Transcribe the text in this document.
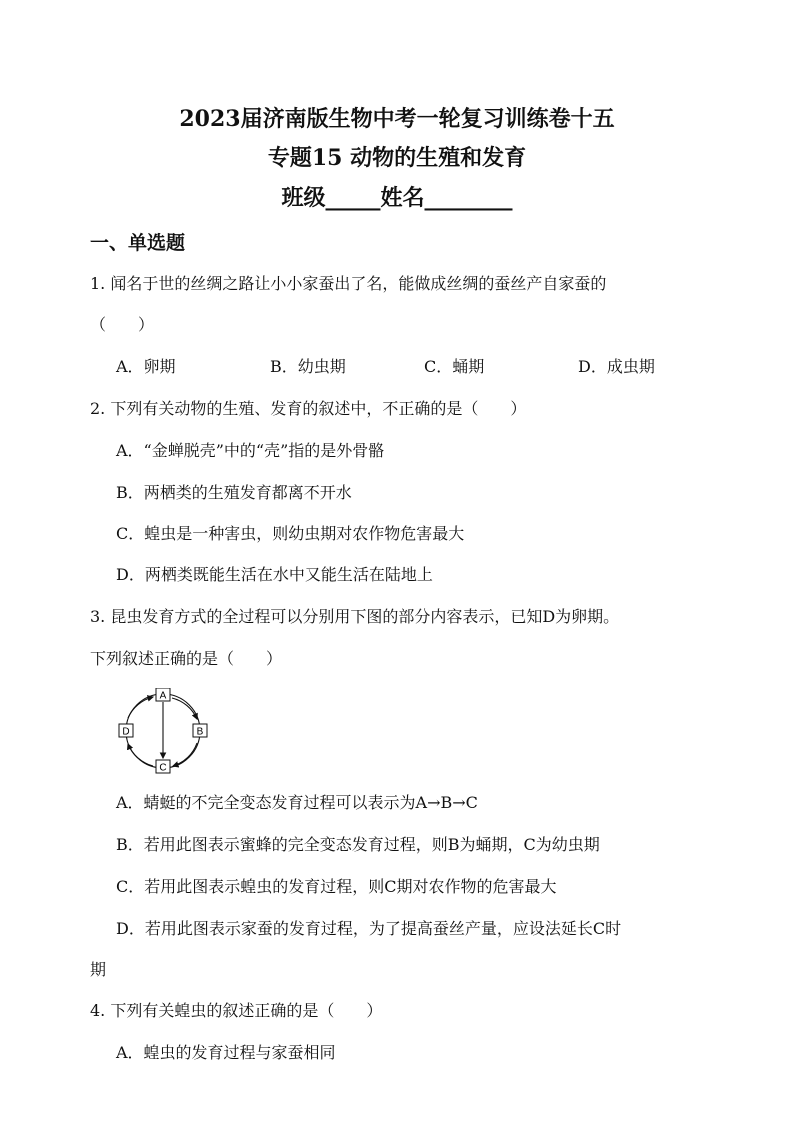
2023届济南版生物中考一轮复习训练卷十五
专题15 动物的生殖和发育
班级_____姓名________
一、单选题
1. 闻名于世的丝绸之路让小小家蚕出了名，能做成丝绸的蚕丝产自家蚕的
（　　）
A．卵期	B．幼虫期	C．蛹期	D．成虫期
2. 下列有关动物的生殖、发育的叙述中，不正确的是（　　）
A．“金蝉脱壳”中的“壳”指的是外骨骼
B．两栖类的生殖发育都离不开水
C．蝗虫是一种害虫，则幼虫期对农作物危害最大
D．两栖类既能生活在水中又能生活在陆地上
3. 昆虫发育方式的全过程可以分别用下图的部分内容表示，已知D为卵期。
下列叙述正确的是（　　）
A
B
C
D
A．蜻蜓的不完全变态发育过程可以表示为A→B→C
B．若用此图表示蜜蜂的完全变态发育过程，则B为蛹期，C为幼虫期
C．若用此图表示蝗虫的发育过程，则C期对农作物的危害最大
D．若用此图表示家蚕的发育过程，为了提高蚕丝产量，应设法延长C时
期
4. 下列有关蝗虫的叙述正确的是（　　）
A．蝗虫的发育过程与家蚕相同
